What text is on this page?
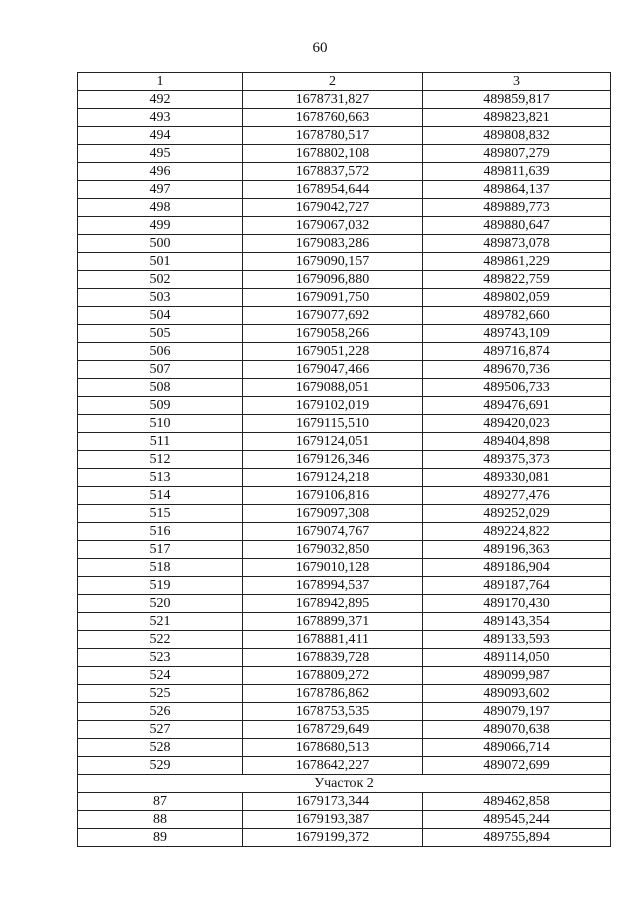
60
1	2	3
492	1678731,827	489859,817
493	1678760,663	489823,821
494	1678780,517	489808,832
495	1678802,108	489807,279
496	1678837,572	489811,639
497	1678954,644	489864,137
498	1679042,727	489889,773
499	1679067,032	489880,647
500	1679083,286	489873,078
501	1679090,157	489861,229
502	1679096,880	489822,759
503	1679091,750	489802,059
504	1679077,692	489782,660
505	1679058,266	489743,109
506	1679051,228	489716,874
507	1679047,466	489670,736
508	1679088,051	489506,733
509	1679102,019	489476,691
510	1679115,510	489420,023
511	1679124,051	489404,898
512	1679126,346	489375,373
513	1679124,218	489330,081
514	1679106,816	489277,476
515	1679097,308	489252,029
516	1679074,767	489224,822
517	1679032,850	489196,363
518	1679010,128	489186,904
519	1678994,537	489187,764
520	1678942,895	489170,430
521	1678899,371	489143,354
522	1678881,411	489133,593
523	1678839,728	489114,050
524	1678809,272	489099,987
525	1678786,862	489093,602
526	1678753,535	489079,197
527	1678729,649	489070,638
528	1678680,513	489066,714
529	1678642,227	489072,699
Участок 2		
87	1679173,344	489462,858
88	1679193,387	489545,244
89	1679199,372	489755,894
